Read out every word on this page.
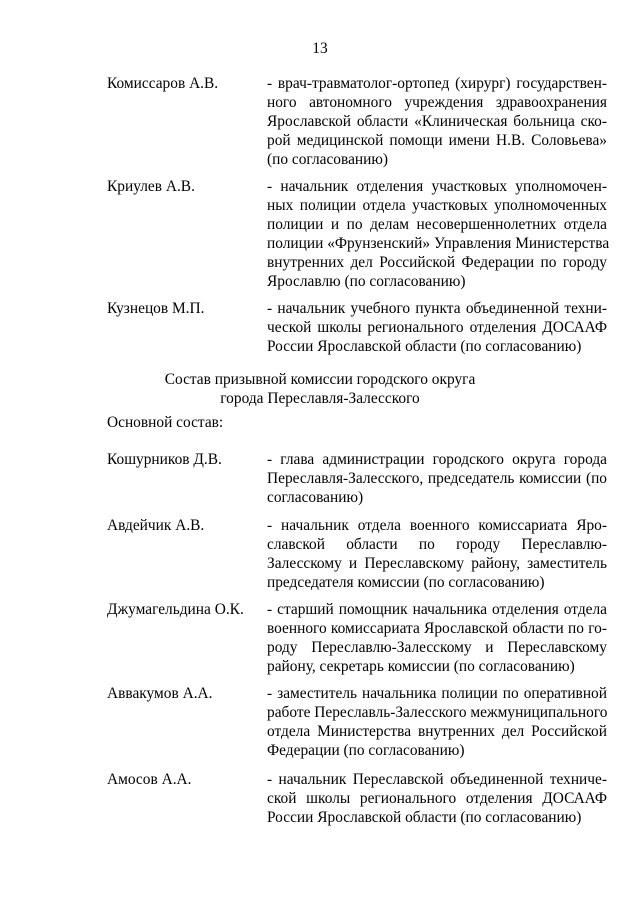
13
Комиссаров А.В.	- врач-травматолог-ортопед (хирург) государствен-
ного автономного учреждения здравоохранения
Ярославской области «Клиническая больница ско-
рой медицинской помощи имени Н.В. Соловьева»
(по согласованию)
Криулев А.В.	- начальник отделения участковых уполномочен-
ных полиции отдела участковых уполномоченных
полиции и по делам несовершеннолетних отдела
полиции «Фрунзенский» Управления Министерства
внутренних дел Российской Федерации по городу
Ярославлю (по согласованию)
Кузнецов М.П.	- начальник учебного пункта объединенной техни-
ческой школы регионального отделения ДОСААФ
России Ярославской области (по согласованию)
Состав призывной комиссии городского округа
города Переславля-Залесского
Основной состав:
Кошурников Д.В.	- глава администрации городского округа города
Переславля-Залесского, председатель комиссии (по
согласованию)
Авдейчик А.В.	- начальник отдела военного комиссариата Яро-
славской области по городу Переславлю-
Залесскому и Переславскому району, заместитель
председателя комиссии (по согласованию)
Джумагельдина О.К. - старший помощник начальника отделения отдела
военного комиссариата Ярославской области по го-
роду Переславлю-Залесскому и Переславскому
району, секретарь комиссии (по согласованию)
Аввакумов А.А.	- заместитель начальника полиции по оперативной
работе Переславль-Залесского межмуниципального
отдела Министерства внутренних дел Российской
Федерации (по согласованию)
Амосов А.А.	- начальник Переславской объединенной техниче-
ской школы регионального отделения ДОСААФ
России Ярославской области (по согласованию)
